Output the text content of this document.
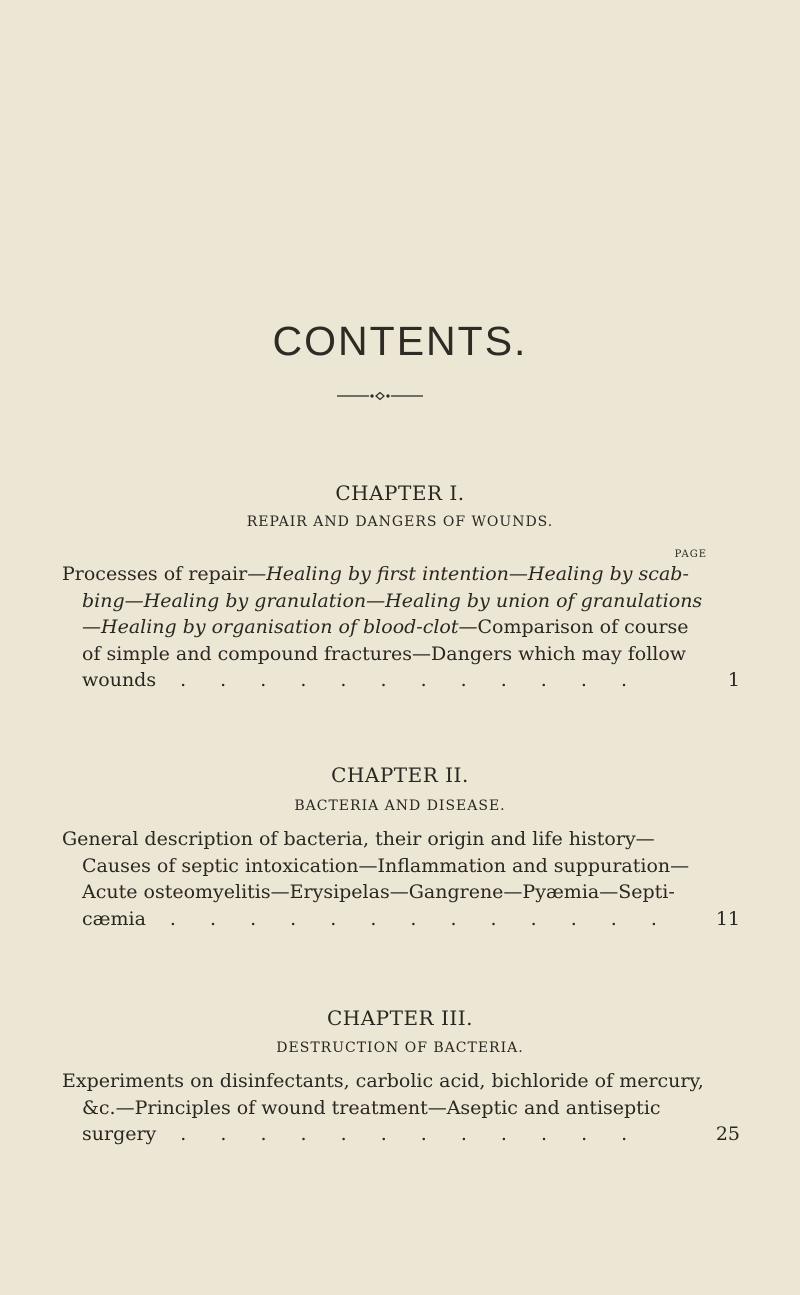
CONTENTS.
CHAPTER I.
REPAIR AND DANGERS OF WOUNDS.
PAGE
Processes of repair—Healing by first intention—Healing by scab-
bing—Healing by granulation—Healing by union of granulations
—Healing by organisation of blood-clot—Comparison of course
of simple and compound fractures—Dangers which may follow
wounds . . . . . . . . . . . .	1
CHAPTER II.
BACTERIA AND DISEASE.
General description of bacteria, their origin and life history—
Causes of septic intoxication—Inflammation and suppuration—
Acute osteomyelitis—Erysipelas—Gangrene—Pyæmia—Septi-
cæmia . . . . . . . . . . . . . 11
CHAPTER III.
DESTRUCTION OF BACTERIA.
Experiments on disinfectants, carbolic acid, bichloride of mercury,
&c.—Principles of wound treatment—Aseptic and antiseptic
surgery . . . . . . . . . . . .	25
